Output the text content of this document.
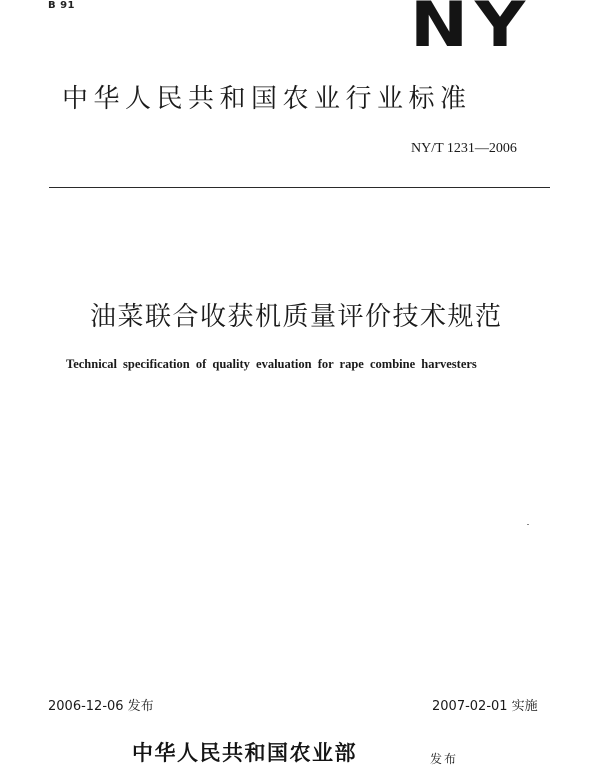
B 91	NY
中华人民共和国农业行业标准
NY/T 1231—2006
油菜联合收获机质量评价技术规范
Technical specification of quality evaluation for rape combine harvesters
2006-12-06 发布	2007-02-01 实施
中华人民共和国农业部	发布
